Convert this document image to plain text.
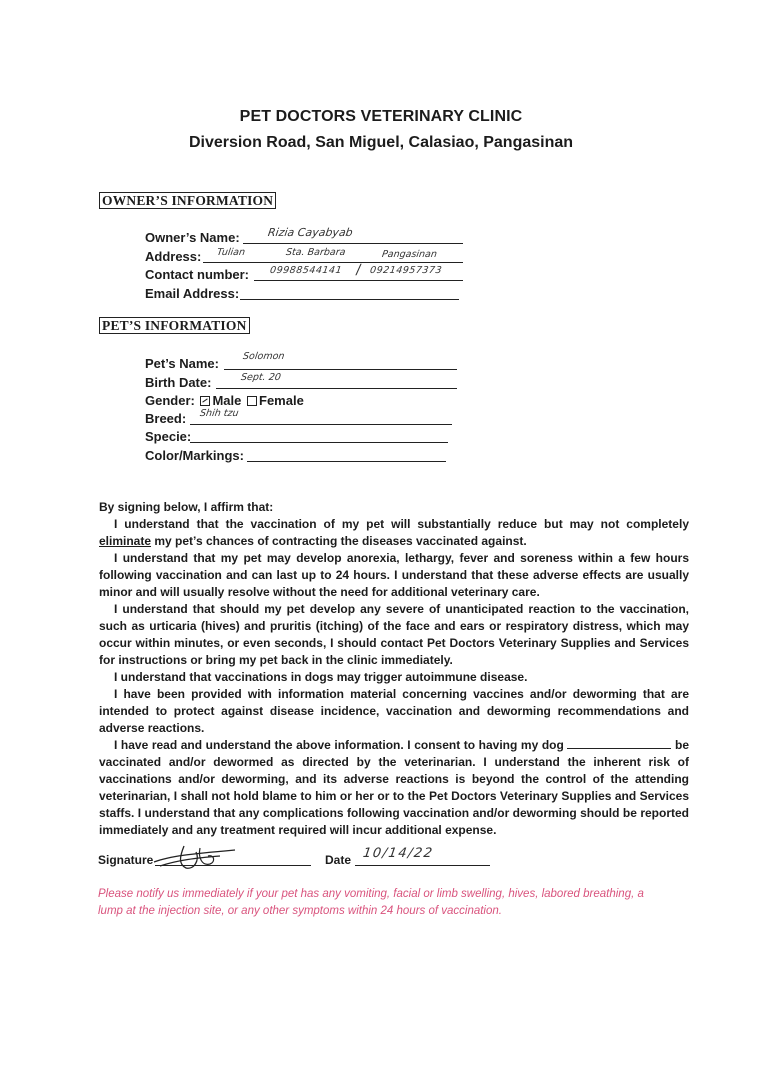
PET DOCTORS VETERINARY CLINIC
Diversion Road, San Miguel, Calasiao, Pangasinan
OWNER’S INFORMATION
Owner’s Name: Rizia Cayabyab
Address: Tulian	Sta. Barbara	Pangasinan
Contact number: 09988544141 / 09214957373
Email Address:
PET’S INFORMATION
Pet’s Name: Solomon
Birth Date:	Sept. 20
Gender: Male Female
Breed: Shih tzu
Specie:
Color/Markings:

By signing below, I affirm that:

I understand that the vaccination of my pet will substantially reduce but may not completely eliminate my pet’s chances of contracting the diseases vaccinated against.

I understand that my pet may develop anorexia, lethargy, fever and soreness within a few hours following vaccination and can last up to 24 hours. I understand that these adverse effects are usually minor and will usually resolve without the need for additional veterinary care.

I understand that should my pet develop any severe of unanticipated reaction to the vaccination, such as urticaria (hives) and pruritis (itching) of the face and ears or respiratory distress, which may occur within minutes, or even seconds, I should contact Pet Doctors Veterinary Supplies and Services for instructions or bring my pet back in the clinic immediately.

I understand that vaccinations in dogs may trigger autoimmune disease.

I have been provided with information material concerning vaccines and/or deworming that are intended to protect against disease incidence, vaccination and deworming recommendations and adverse reactions.

I have read and understand the above information. I consent to having my dog	be vaccinated and/or dewormed as directed by the veterinarian. I understand the inherent risk of vaccinations and/or deworming, and its adverse reactions is beyond the control of the attending veterinarian, I shall not hold blame to him or her or to the Pet Doctors Veterinary Supplies and Services staffs. I understand that any complications following vaccination and/or deworming should be reported immediately and any treatment required will incur additional expense.

Signature	Date 10/14/22
Please notify us immediately if your pet has any vomiting, facial or limb swelling, hives, labored breathing, a lump at the injection site, or any other symptoms within 24 hours of vaccination.
